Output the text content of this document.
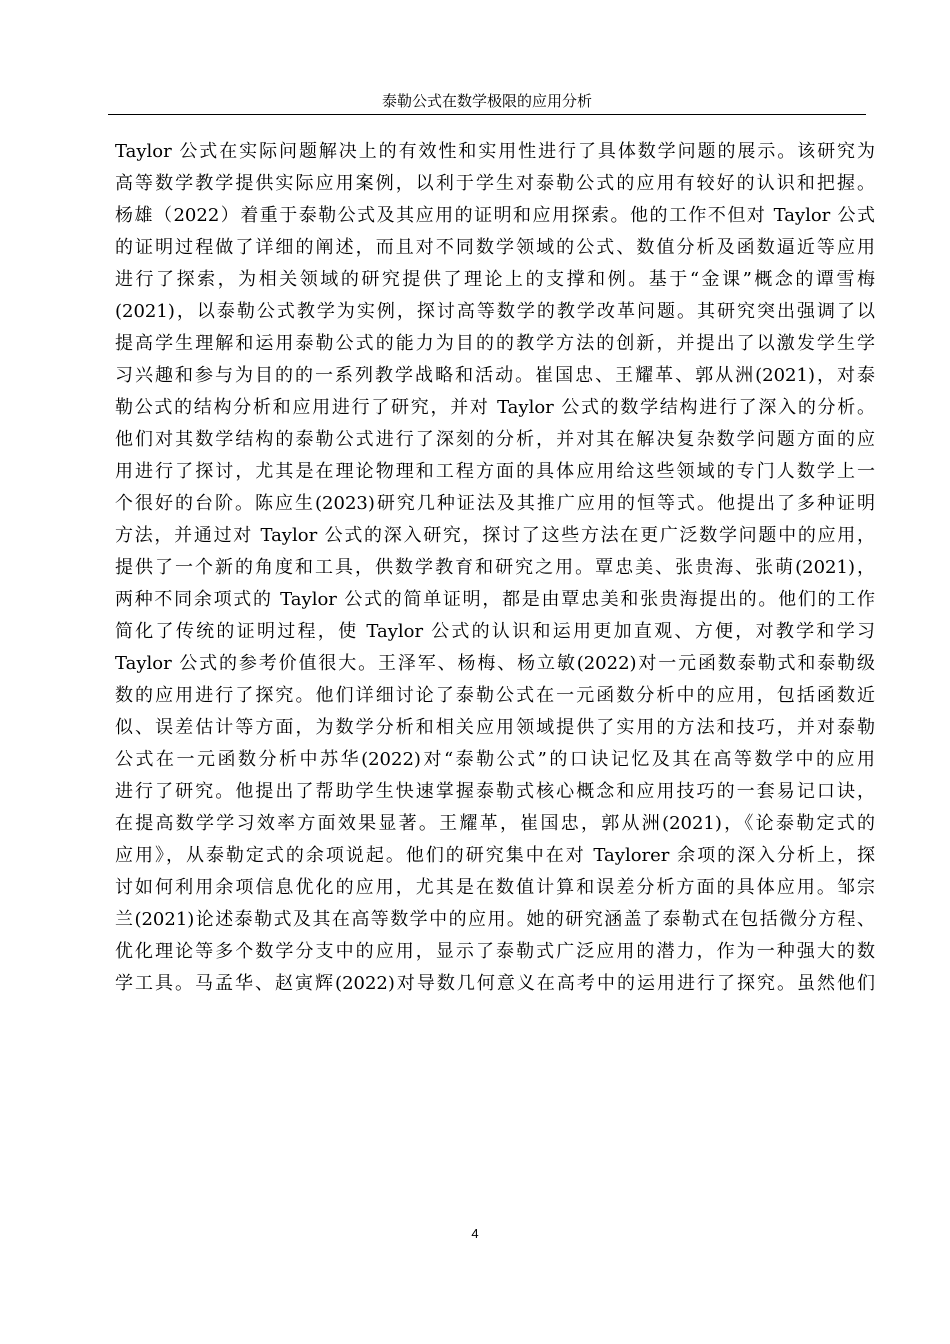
泰勒公式在数学极限的应用分析
Taylor 公式在实际问题解决上的有效性和实用性进行了具体数学问题的展示。该研究为
高等数学教学提供实际应用案例，以利于学生对泰勒公式的应用有较好的认识和把握。
杨雄（2022）着重于泰勒公式及其应用的证明和应用探索。他的工作不但对 Taylor 公式
的证明过程做了详细的阐述，而且对不同数学领域的公式、数值分析及函数逼近等应用
进行了探索，为相关领域的研究提供了理论上的支撑和例。基于“金课”概念的谭雪梅
(2021)，以泰勒公式教学为实例，探讨高等数学的教学改革问题。其研究突出强调了以
提高学生理解和运用泰勒公式的能力为目的的教学方法的创新，并提出了以激发学生学
习兴趣和参与为目的的一系列教学战略和活动。崔国忠、王耀革、郭从洲(2021)，对泰
勒公式的结构分析和应用进行了研究，并对 Taylor 公式的数学结构进行了深入的分析。
他们对其数学结构的泰勒公式进行了深刻的分析，并对其在解决复杂数学问题方面的应
用进行了探讨，尤其是在理论物理和工程方面的具体应用给这些领域的专门人数学上一
个很好的台阶。陈应生(2023)研究几种证法及其推广应用的恒等式。他提出了多种证明
方法，并通过对 Taylor 公式的深入研究，探讨了这些方法在更广泛数学问题中的应用，
提供了一个新的角度和工具，供数学教育和研究之用。覃忠美、张贵海、张萌(2021)，
两种不同余项式的 Taylor 公式的简单证明，都是由覃忠美和张贵海提出的。他们的工作
简化了传统的证明过程，使 Taylor 公式的认识和运用更加直观、方便，对教学和学习
Taylor 公式的参考价值很大。王泽军、杨梅、杨立敏(2022)对一元函数泰勒式和泰勒级
数的应用进行了探究。他们详细讨论了泰勒公式在一元函数分析中的应用，包括函数近
似、误差估计等方面，为数学分析和相关应用领域提供了实用的方法和技巧，并对泰勒
公式在一元函数分析中苏华(2022)对“泰勒公式”的口诀记忆及其在高等数学中的应用
进行了研究。他提出了帮助学生快速掌握泰勒式核心概念和应用技巧的一套易记口诀，
在提高数学学习效率方面效果显著。王耀革，崔国忠，郭从洲(2021)，《论泰勒定式的
应用》，从泰勒定式的余项说起。他们的研究集中在对 Taylorer 余项的深入分析上，探
讨如何利用余项信息优化的应用，尤其是在数值计算和误差分析方面的具体应用。邹宗
兰(2021)论述泰勒式及其在高等数学中的应用。她的研究涵盖了泰勒式在包括微分方程、
优化理论等多个数学分支中的应用，显示了泰勒式广泛应用的潜力，作为一种强大的数
学工具。马孟华、赵寅辉(2022)对导数几何意义在高考中的运用进行了探究。虽然他们
4
